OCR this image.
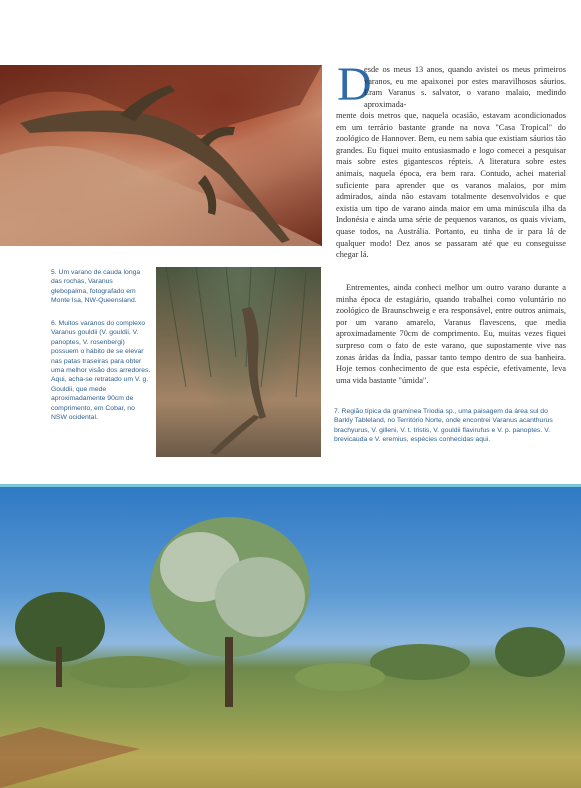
D

esde os meus 13 anos, quando avistei os meus primeiros varanos, eu me apaixonei por estes maravilhosos sáurios. Eram Varanus s. salvator, o varano malaio, medindo aproximada-

mente dois metros que, naquela ocasião, estavam acondicionados em um terrário bastante grande na nova "Casa Tropical" do zoológico de Hannover. Bem, eu nem sabia que existiam sáurios tão grandes. Eu fiquei muito entusiasmado e logo comecei a pesquisar mais sobre estes gigantescos répteis. A literatura sobre estes animais, naquela época, era bem rara. Contudo, achei material suficiente para aprender que os varanos malaios, por mim admirados, ainda não estavam totalmente desenvolvidos e que existia um tipo de varano ainda maior em uma minúscula ilha da Indonésia e ainda uma série de pequenos varanos, os quais viviam, quase todos, na Austrália. Portanto, eu tinha de ir para lá de qualquer modo! Dez anos se passaram até que eu conseguisse chegar lá.

Entrementes, ainda conheci melhor um outro varano durante a minha época de estagiário, quando trabalhei como voluntário no zoológico de Braunschweig e era responsável, entre outros animais, por um varano amarelo, Varanus flavescens, que media aproximadamente 70cm de comprimento. Eu, muitas vezes fiquei surpreso com o fato de este varano, que supostamente vive nas zonas áridas da Índia, passar tanto tempo dentro de sua banheira. Hoje temos conhecimento de que esta espécie, efetivamente, leva uma vida bastante "úmida".

5. Um varano de cauda longa das rochas, Varanus glebopalma, fotografado em Monte Isa, NW-Queensland.

6. Muitos varanos do complexo Varanus gouldii (V. gouldii, V. panoptes, V. rosenbergi) possuem o hábito de se elevar nas patas traseiras para obter uma melhor visão dos arredores. Aqui, acha-se retratado um V. g. Gouldii, que mede aproximadamente 90cm de comprimento, em Cobar, no NSW ocidental.

7. Região típica da gramínea Triodia sp., uma paisagem da área sul do Barkly Tableland, no Território Norte, onde encontrei Varanus acanthurus brachyurus, V. gilleni, V. t. tristis, V. gouldii flavirufus e V. p. panoptes. V. brevicauda e V. eremius, espécies conhecidas aqui.
